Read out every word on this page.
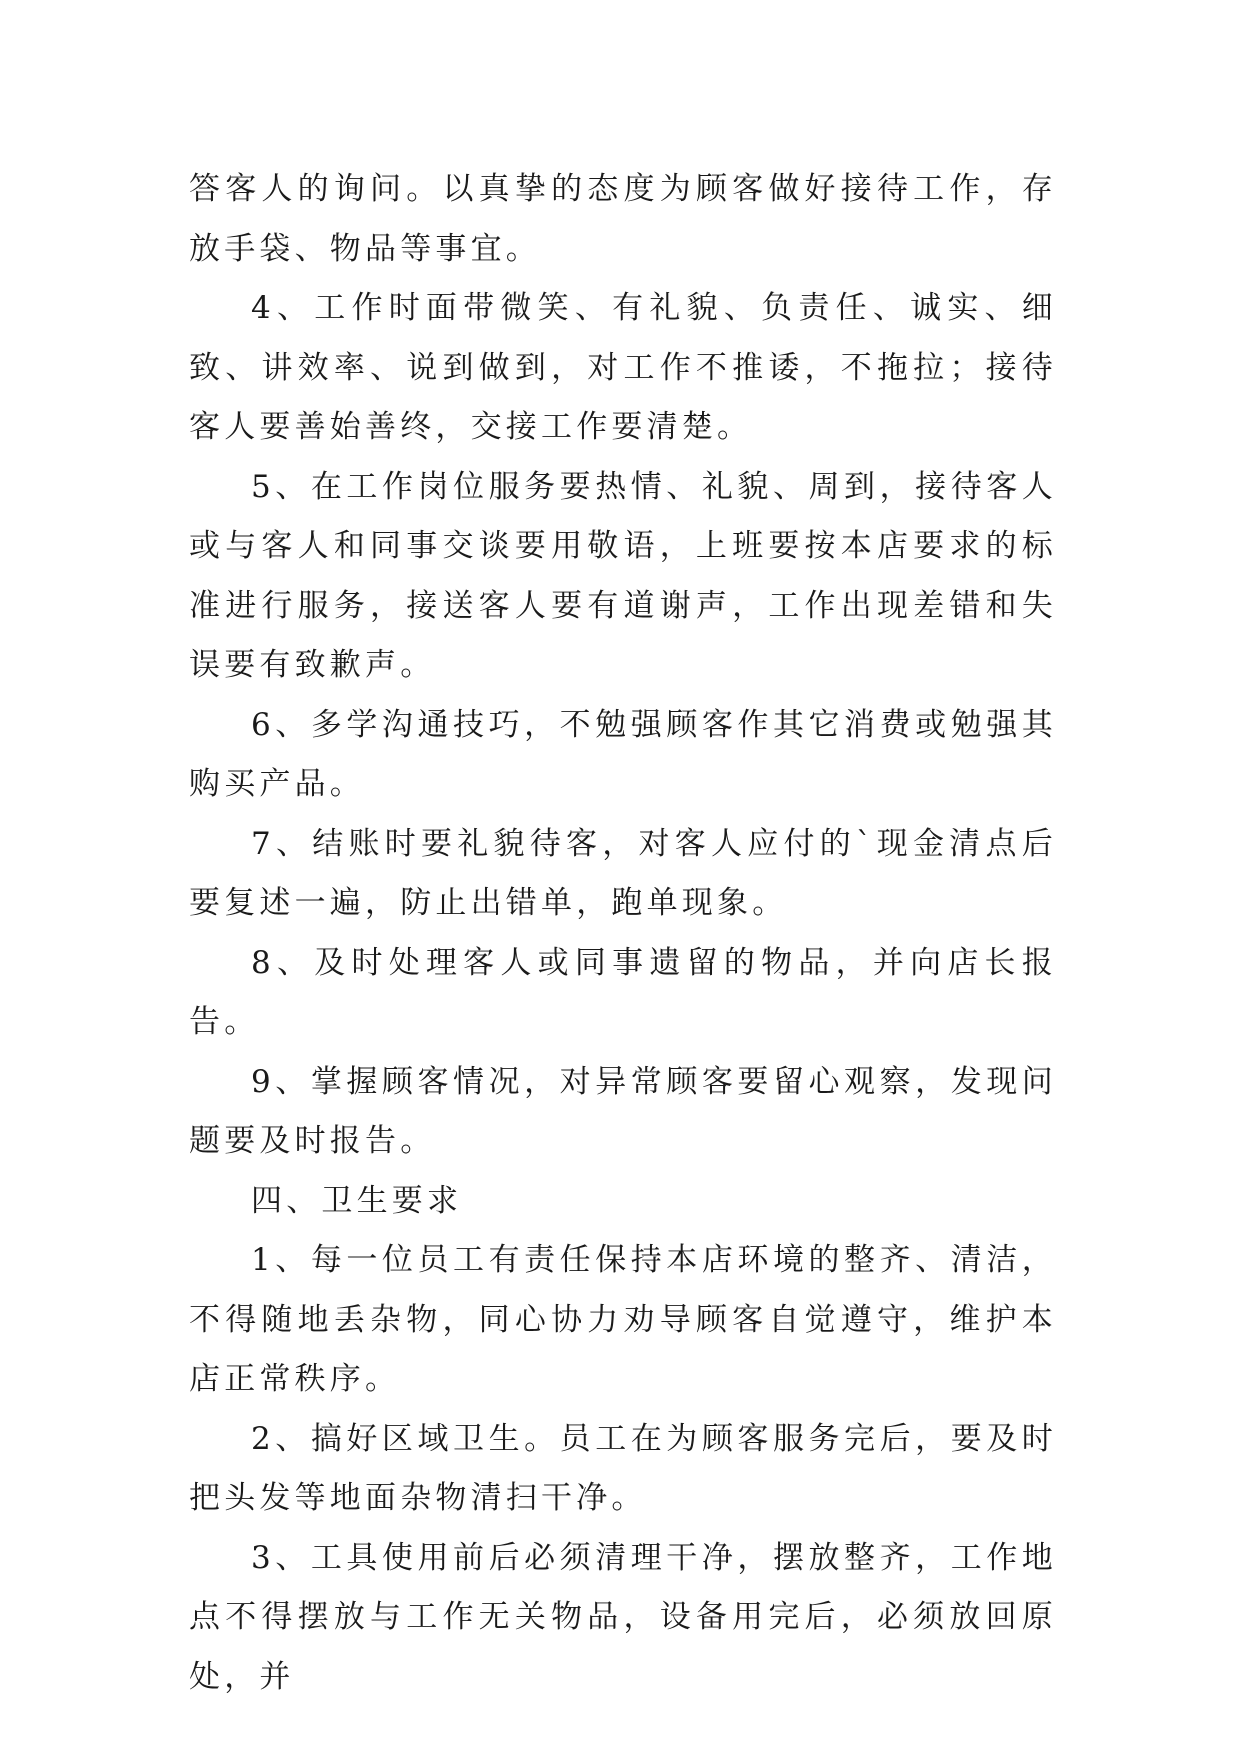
答客人的询问。以真挚的态度为顾客做好接待工作，存放手袋、物品等事宜。

4、工作时面带微笑、有礼貌、负责任、诚实、细致、讲效率、说到做到，对工作不推诿，不拖拉；接待客人要善始善终，交接工作要清楚。

5、在工作岗位服务要热情、礼貌、周到，接待客人或与客人和同事交谈要用敬语，上班要按本店要求的标准进行服务，接送客人要有道谢声，工作出现差错和失误要有致歉声。

6、多学沟通技巧，不勉强顾客作其它消费或勉强其购买产品。

7、结账时要礼貌待客，对客人应付的`现金清点后要复述一遍，防止出错单，跑单现象。

8、及时处理客人或同事遗留的物品，并向店长报告。

9、掌握顾客情况，对异常顾客要留心观察，发现问题要及时报告。

四、卫生要求

1、每一位员工有责任保持本店环境的整齐、清洁，不得随地丢杂物，同心协力劝导顾客自觉遵守，维护本店正常秩序。

2、搞好区域卫生。员工在为顾客服务完后，要及时把头发等地面杂物清扫干净。

3、工具使用前后必须清理干净，摆放整齐，工作地点不得摆放与工作无关物品，设备用完后，必须放回原处，并
